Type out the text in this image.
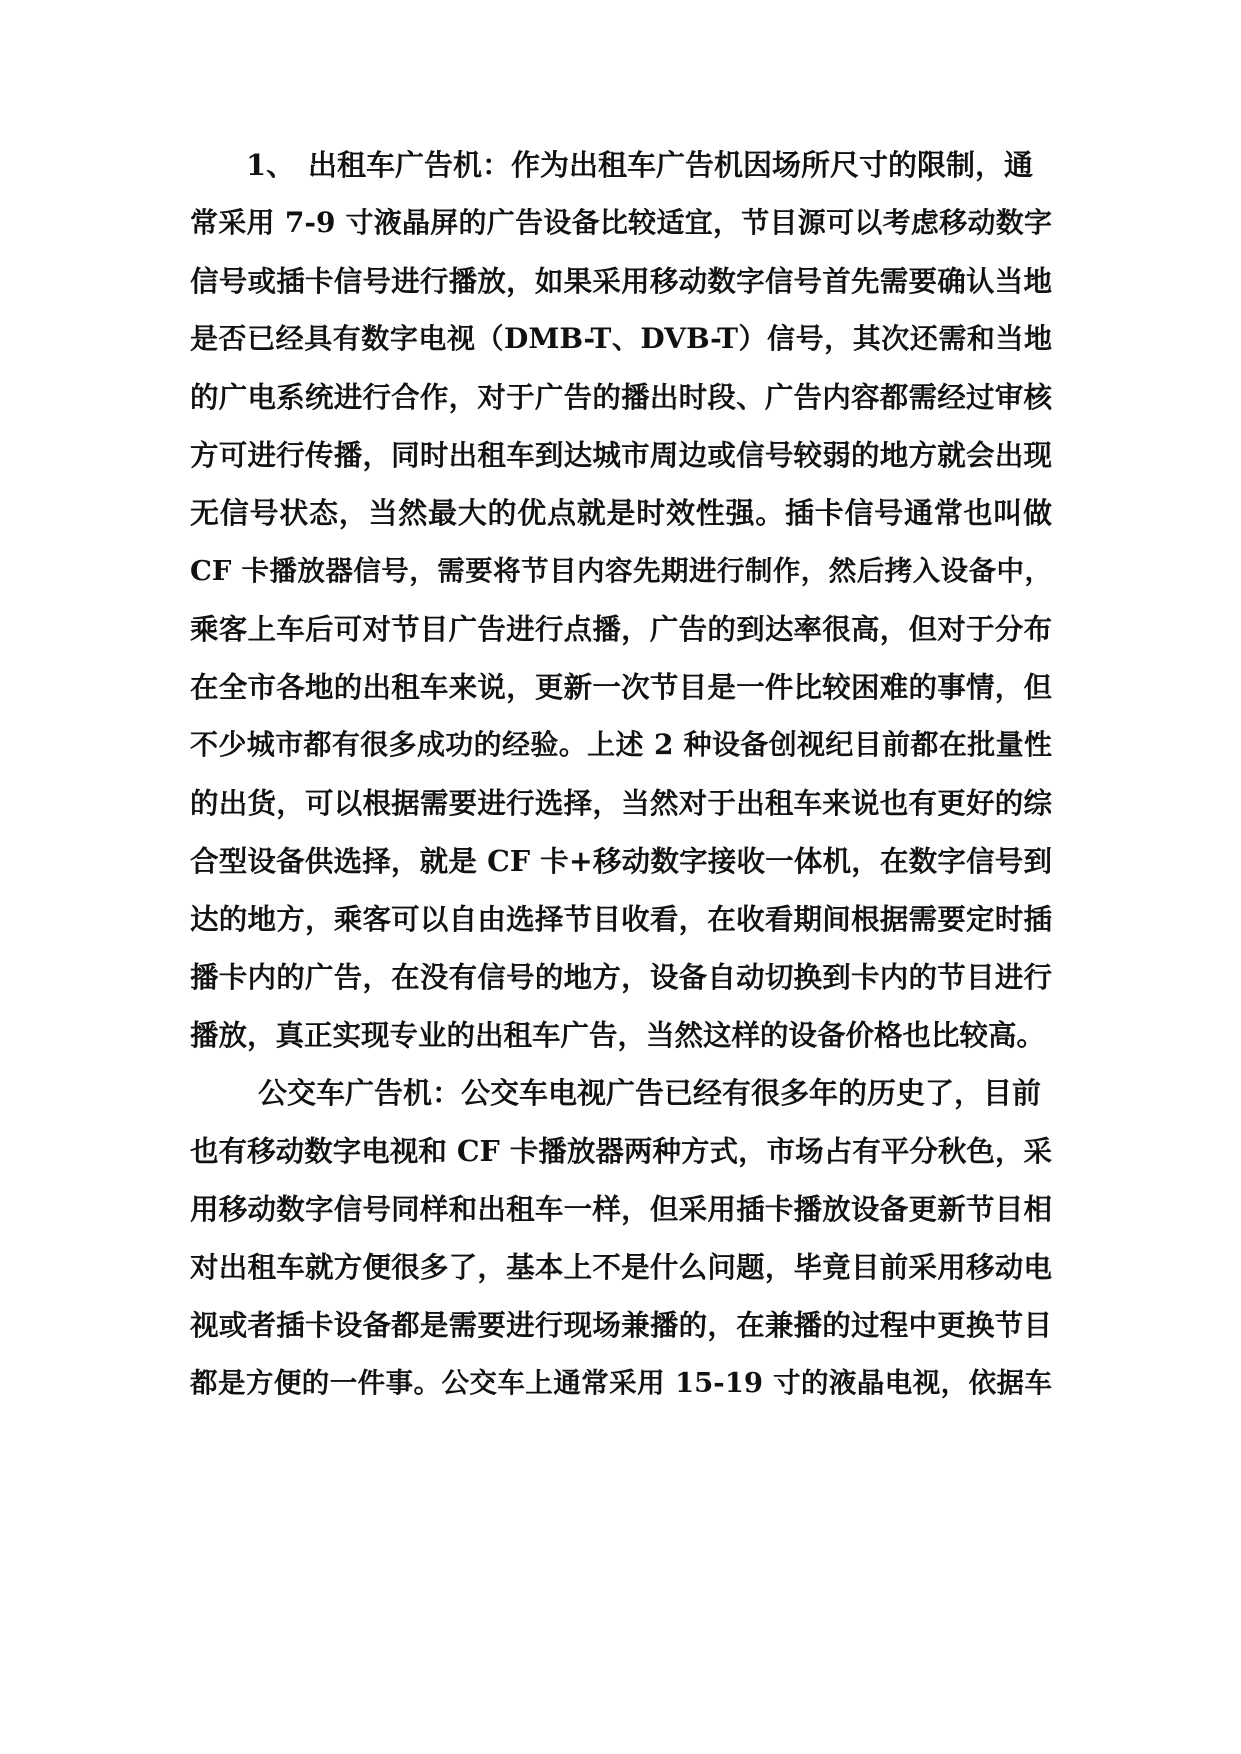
1、 出租车广告机：作为出租车广告机因场所尺寸的限制，通
常采用 7-9 寸液晶屏的广告设备比较适宜，节目源可以考虑移动数字
信号或插卡信号进行播放，如果采用移动数字信号首先需要确认当地
是否已经具有数字电视（DMB-T、DVB-T）信号，其次还需和当地
的广电系统进行合作，对于广告的播出时段、广告内容都需经过审核
方可进行传播，同时出租车到达城市周边或信号较弱的地方就会出现
无信号状态，当然最大的优点就是时效性强。插卡信号通常也叫做
CF 卡播放器信号，需要将节目内容先期进行制作，然后拷入设备中，
乘客上车后可对节目广告进行点播，广告的到达率很高，但对于分布
在全市各地的出租车来说，更新一次节目是一件比较困难的事情，但
不少城市都有很多成功的经验。上述 2 种设备创视纪目前都在批量性
的出货，可以根据需要进行选择，当然对于出租车来说也有更好的综
合型设备供选择，就是 CF 卡+移动数字接收一体机，在数字信号到
达的地方，乘客可以自由选择节目收看，在收看期间根据需要定时插
播卡内的广告，在没有信号的地方，设备自动切换到卡内的节目进行
播放，真正实现专业的出租车广告，当然这样的设备价格也比较高。
公交车广告机：公交车电视广告已经有很多年的历史了，目前
也有移动数字电视和 CF 卡播放器两种方式，市场占有平分秋色，采
用移动数字信号同样和出租车一样，但采用插卡播放设备更新节目相
对出租车就方便很多了，基本上不是什么问题，毕竟目前采用移动电
视或者插卡设备都是需要进行现场兼播的，在兼播的过程中更换节目
都是方便的一件事。公交车上通常采用 15-19 寸的液晶电视，依据车
